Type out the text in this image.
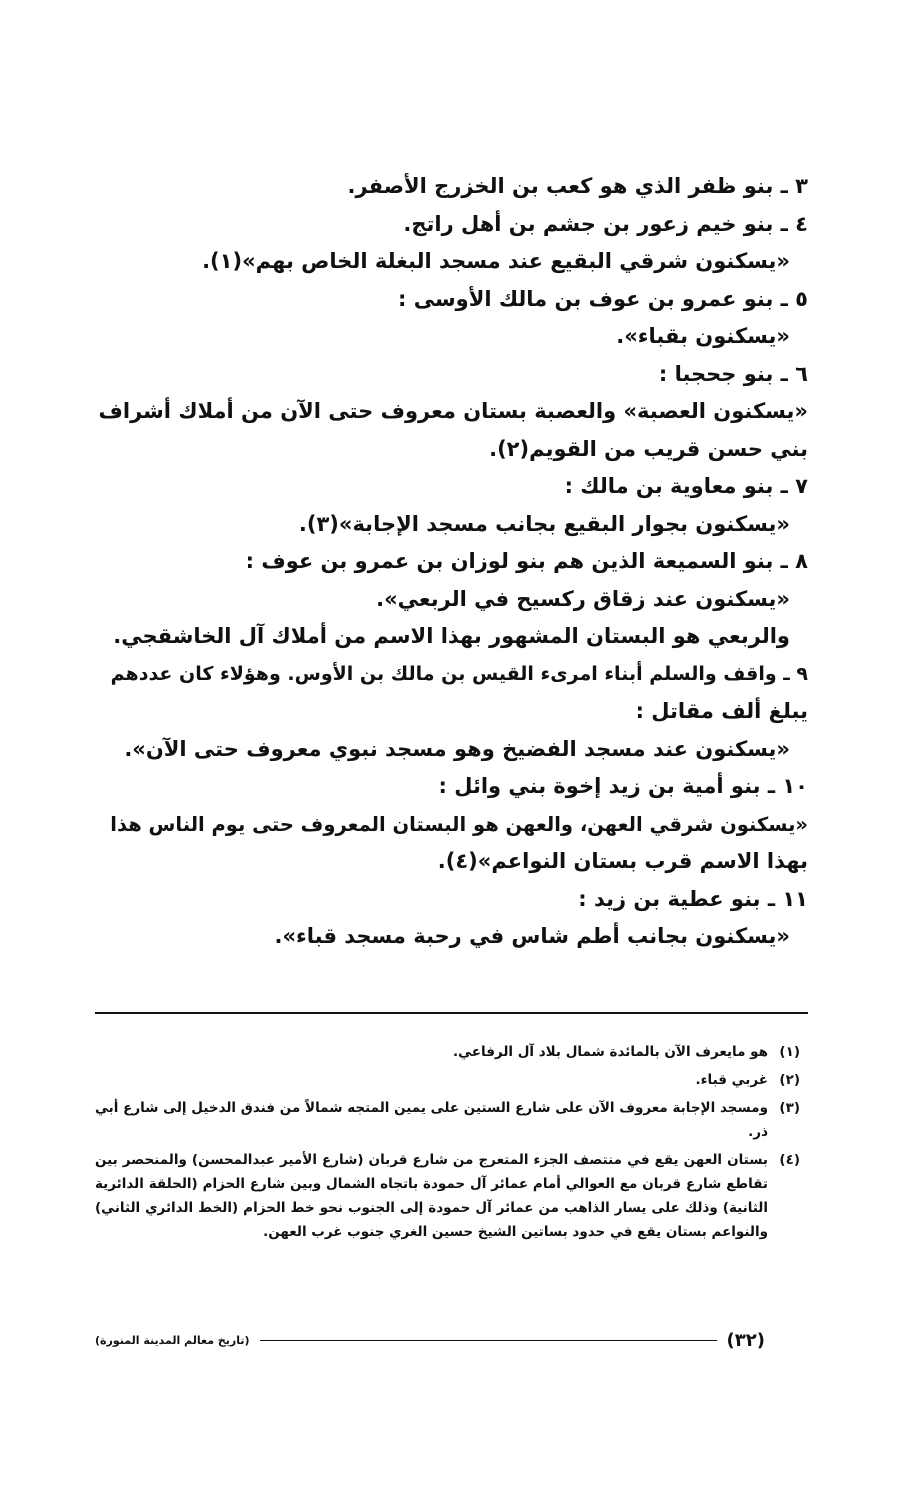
٣ ـ بنو ظفر الذي هو كعب بن الخزرج الأصفر.
٤ ـ بنو خيم زعور بن جشم بن أهل راتج.
«يسكنون شرقي البقيع عند مسجد البغلة الخاص بهم»(١).
٥ ـ بنو عمرو بن عوف بن مالك الأوسى :
«يسكنون بقباء».
٦ ـ بنو جحجبا :
«يسكنون العصبة» والعصبة بستان معروف حتى الآن من أملاك أشراف
بني حسن قريب من القويم(٢).
٧ ـ بنو معاوية بن مالك :
«يسكنون بجوار البقيع بجانب مسجد الإجابة»(٣).
٨ ـ بنو السميعة الذين هم بنو لوزان بن عمرو بن عوف :
«يسكنون عند زقاق ركسيح في الربعي».
والربعي هو البستان المشهور بهذا الاسم من أملاك آل الخاشقجي.
٩ ـ واقف والسلم أبناء امرىء القيس بن مالك بن الأوس. وهؤلاء كان عددهم
يبلغ ألف مقاتل :
«يسكنون عند مسجد الفضيخ وهو مسجد نبوي معروف حتى الآن».
١٠ ـ بنو أمية بن زيد إخوة بني وائل :
«يسكنون شرقي العهن، والعهن هو البستان المعروف حتى يوم الناس هذا
بهذا الاسم قرب بستان النواعم»(٤).
١١ ـ بنو عطية بن زيد :
«يسكنون بجانب أطم شاس في رحبة مسجد قباء».
(١)
هو مايعرف الآن بالمائدة شمال بلاد آل الرفاعي.
(٢)
غربي قباء.
(٣)
ومسجد الإجابة معروف الآن على شارع الستين على يمين المتجه شمالاً من فندق الدخيل إلى شارع أبي ذر.
(٤)
بستان العهن يقع في منتصف الجزء المتعرج من شارع قربان (شارع الأمير عبدالمحسن) والمنحصر بين تقاطع شارع قربان مع العوالي أمام عمائر آل حمودة باتجاه الشمال وبين شارع الحزام (الحلقة الدائرية الثانية) وذلك على يسار الذاهب من عمائر آل حمودة إلى الجنوب نحو خط الحزام (الخط الدائري الثاني) والنواعم بستان يقع في حدود بساتين الشيخ حسين الغري جنوب غرب العهن.
(٣٢)
(تاريخ معالم المدينة المنورة)
